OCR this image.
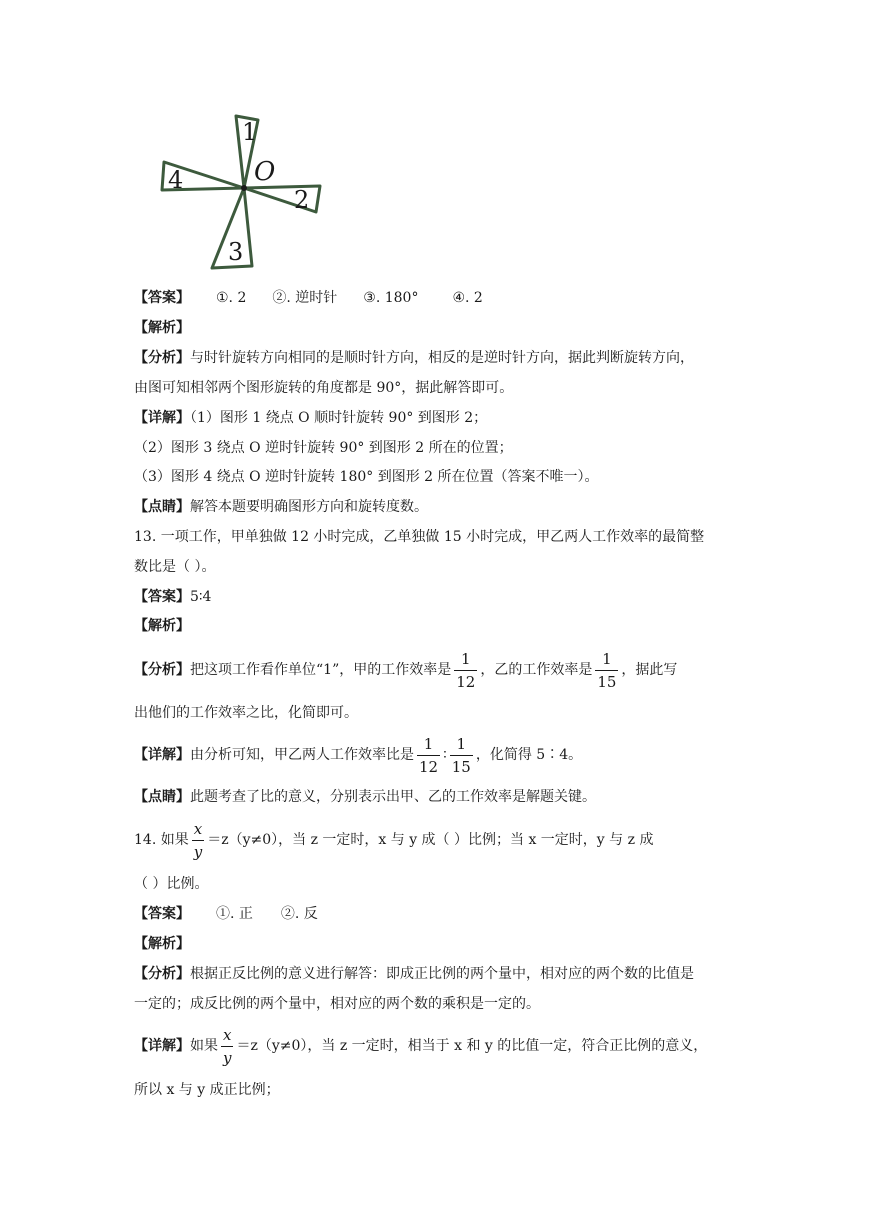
1
2
3
4	O
【答案】 ①. 2 ②. 逆时针 ③. 180° ④. 2
【解析】
【分析】与时针旋转方向相同的是顺时针方向，相反的是逆时针方向，据此判断旋转方向，
由图可知相邻两个图形旋转的角度都是 90°，据此解答即可。
【详解】（1）图形 1 绕点 O 顺时针旋转 90° 到图形 2；
（2）图形 3 绕点 O 逆时针旋转 90° 到图形 2 所在的位置；
（3）图形 4 绕点 O 逆时针旋转 180° 到图形 2 所在位置（答案不唯一）。
【点睛】解答本题要明确图形方向和旋转度数。
13. 一项工作，甲单独做 12 小时完成，乙单独做 15 小时完成，甲乙两人工作效率的最简整
数比是（ ）。
【答案】5∶4
【解析】
【分析】把这项工作看作单位“1”，甲的工作效率是 $\frac{1}{12}$ ，乙的工作效率是 $\frac{1}{15}$ ，据此写
出他们的工作效率之比，化简即可。
【详解】由分析可知，甲乙两人工作效率比是 $\frac{1}{12}$ ∶ $\frac{1}{15}$ ，化简得 5∶4。
【点睛】此题考查了比的意义，分别表示出甲、乙的工作效率是解题关键。
14. 如果 $\frac{x}{y} =z(y\ne 0)$，当 z 一定时，x 与 y 成（ ）比例；当 x 一定时，y 与 z 成
（ ）比例。
【答案】 ①. 正 ②. 反
【解析】
【分析】根据正反比例的意义进行解答：即成正比例的两个量中，相对应的两个数的比值是
一定的；成反比例的两个量中，相对应的两个数的乘积是一定的。
【详解】如果 $\frac{x}{y} =z(y\ne 0)$，当 z 一定时，相当于 x 和 y 的比值一定，符合正比例的意义，
所以 x 与 y 成正比例；
